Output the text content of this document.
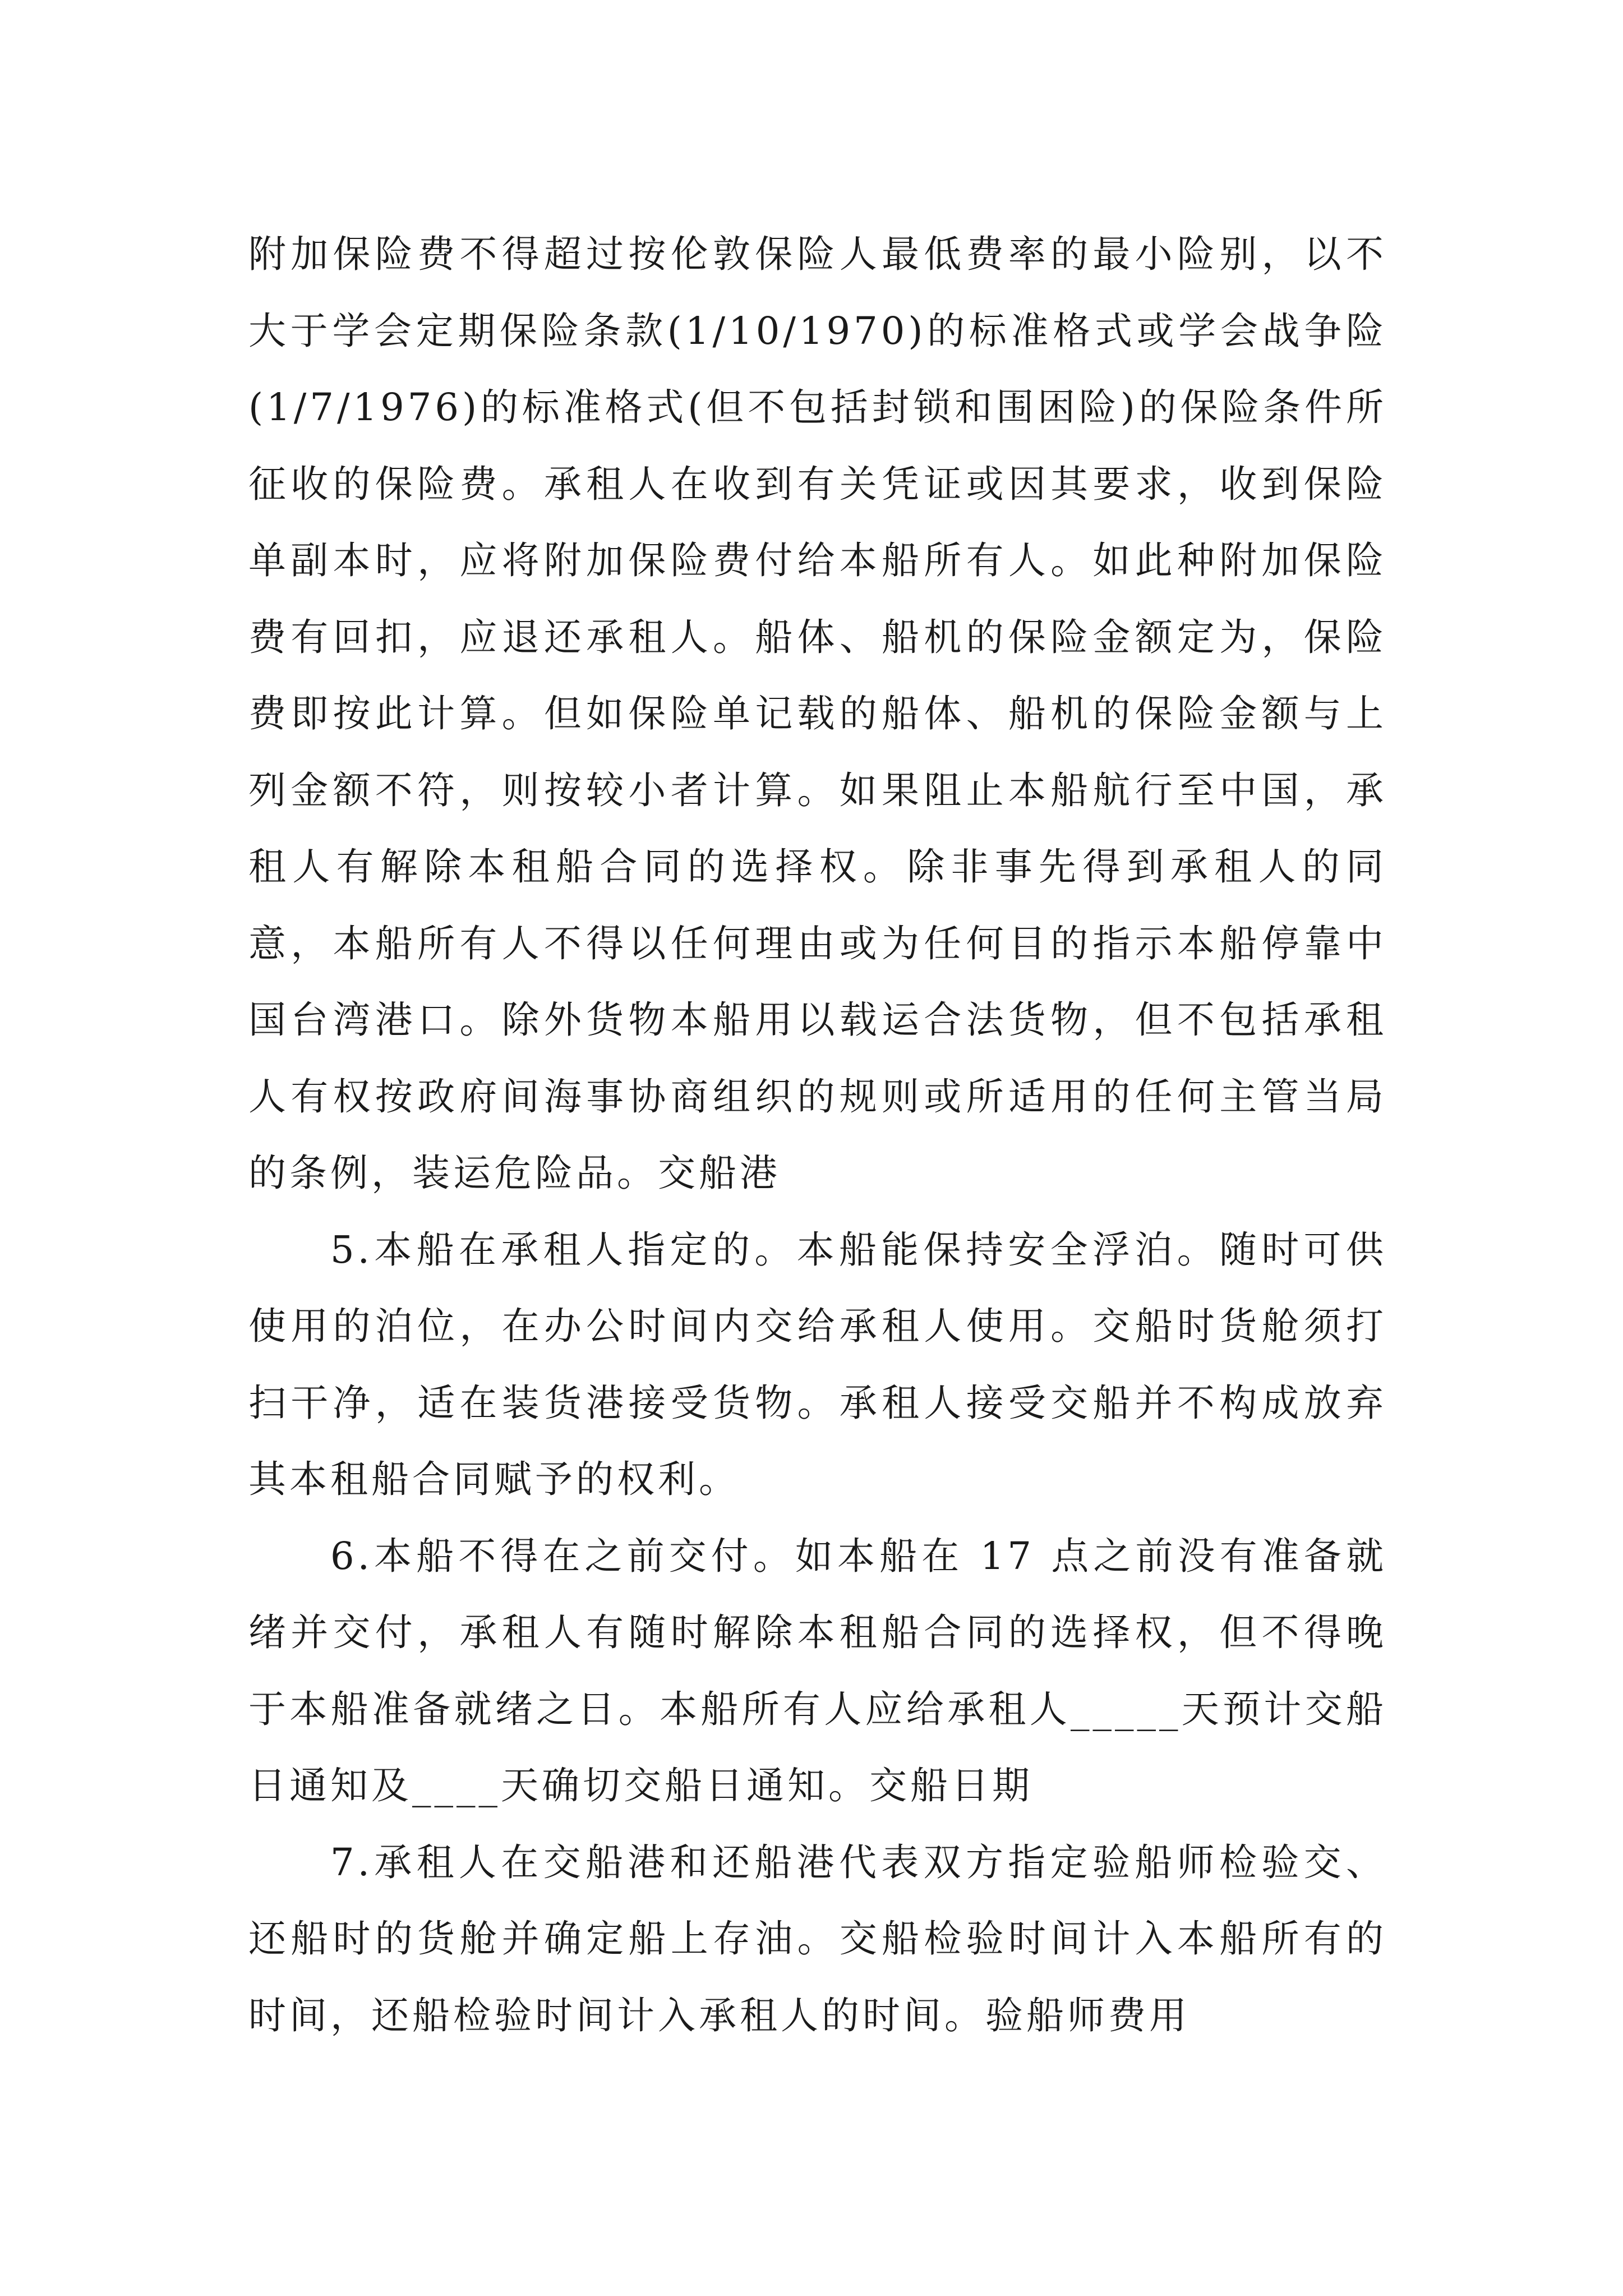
附加保险费不得超过按伦敦保险人最低费率的最小险别，以不大于学会定期保险条款(1/10/1970)的标准格式或学会战争险(1/7/1976)的标准格式(但不包括封锁和围困险)的保险条件所征收的保险费。承租人在收到有关凭证或因其要求，收到保险单副本时，应将附加保险费付给本船所有人。如此种附加保险费有回扣，应退还承租人。船体、船机的保险金额定为，保险费即按此计算。但如保险单记载的船体、船机的保险金额与上列金额不符，则按较小者计算。如果阻止本船航行至中国，承租人有解除本租船合同的选择权。除非事先得到承租人的同意，本船所有人不得以任何理由或为任何目的指示本船停靠中国台湾港口。除外货物本船用以载运合法货物，但不包括承租人有权按政府间海事协商组织的规则或所适用的任何主管当局的条例，装运危险品。交船港

5.本船在承租人指定的。本船能保持安全浮泊。随时可供使用的泊位，在办公时间内交给承租人使用。交船时货舱须打扫干净，适在装货港接受货物。承租人接受交船并不构成放弃其本租船合同赋予的权利。

6.本船不得在之前交付。如本船在 17 点之前没有准备就绪并交付，承租人有随时解除本租船合同的选择权，但不得晚于本船准备就绪之日。本船所有人应给承租人_____天预计交船日通知及____天确切交船日通知。交船日期

7.承租人在交船港和还船港代表双方指定验船师检验交、还船时的货舱并确定船上存油。交船检验时间计入本船所有的时间，还船检验时间计入承租人的时间。验船师费用
